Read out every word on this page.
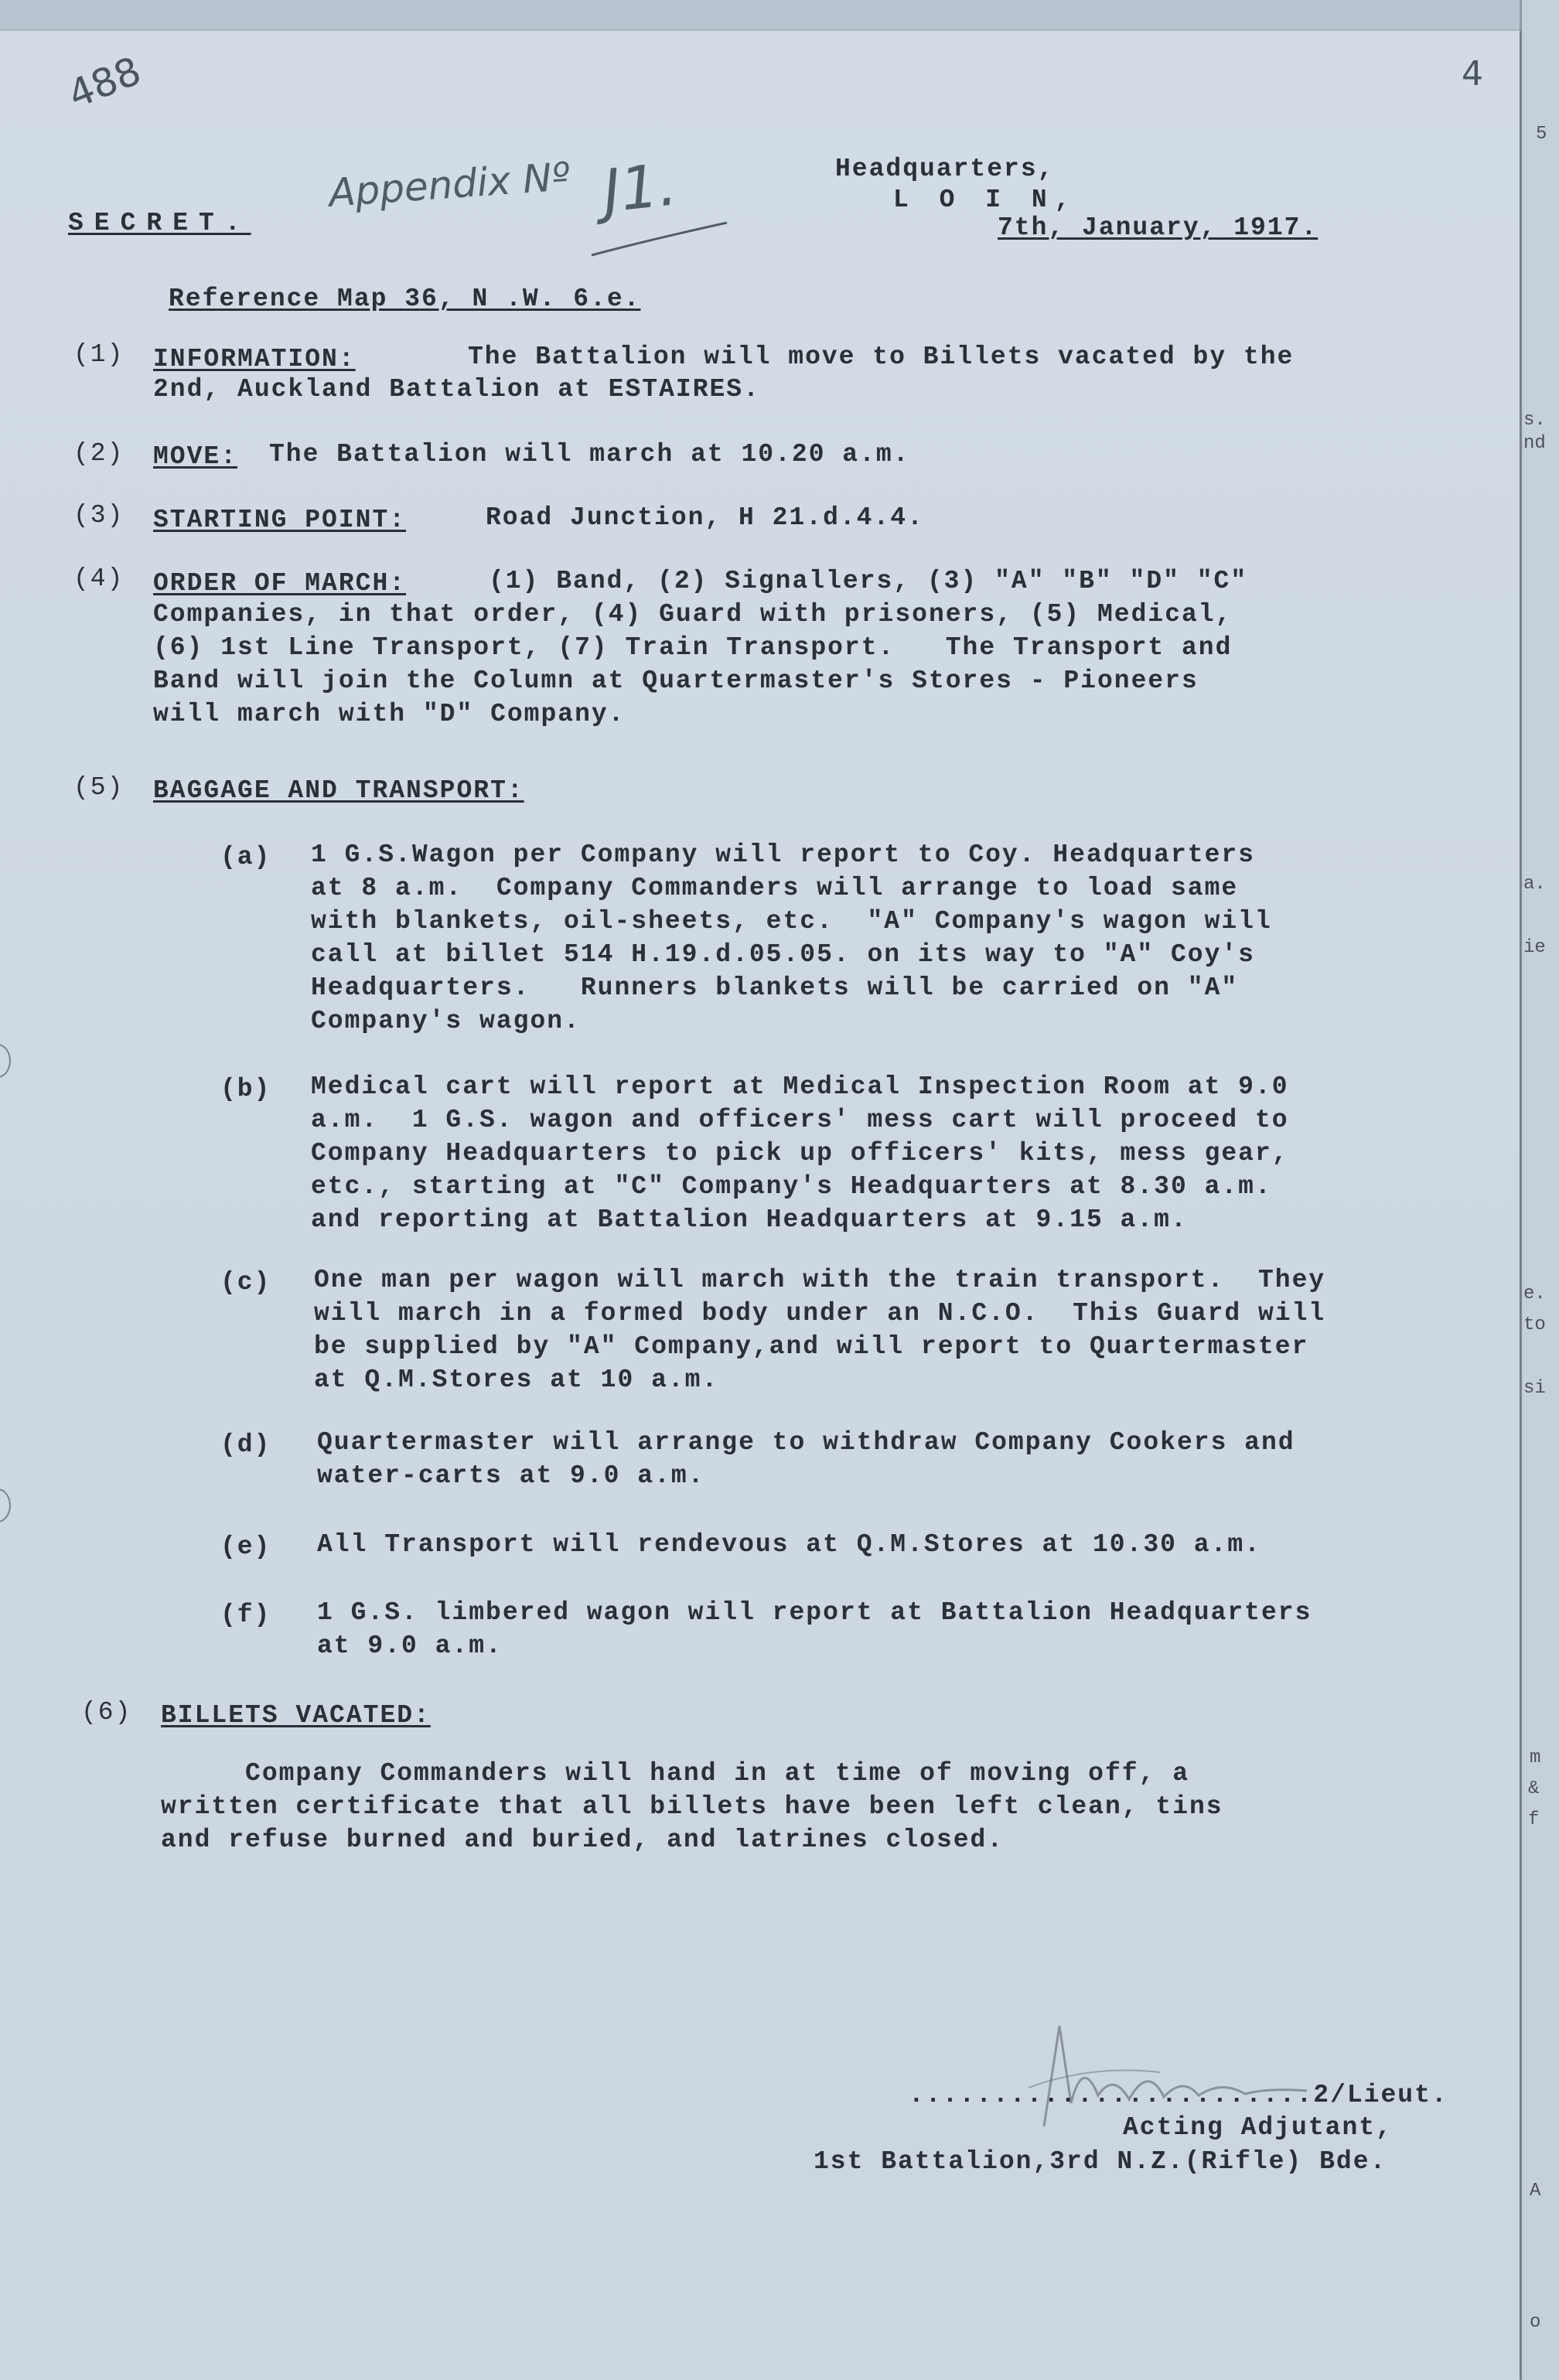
5
nd
s.
a.
ie
e.
to
si
m
&
f
A
o
488	4
Appendix Nº J1.
SECRET.
Headquarters,
L O I N,
7th, January, 1917.
Reference Map 36, N .W. 6.e.
(1) INFORMATION:	The Battalion will move to Billets vacated by the
2nd, Auckland Battalion at ESTAIRES.
(2) MOVE: The Battalion will march at 10.20 a.m.
(3) STARTING POINT:	Road Junction, H 21.d.4.4.
(4) ORDER OF MARCH:	(1) Band, (2) Signallers, (3) "A" "B" "D" "C"
Companies, in that order, (4) Guard with prisoners, (5) Medical,
(6) 1st Line Transport, (7) Train Transport.   The Transport and
Band will join the Column at Quartermaster's Stores - Pioneers
will march with "D" Company.
(5) BAGGAGE AND TRANSPORT:
(a) 1 G.S.Wagon per Company will report to Coy. Headquarters
at 8 a.m.  Company Commanders will arrange to load same
with blankets, oil-sheets, etc.  "A" Company's wagon will
call at billet 514 H.19.d.05.05. on its way to "A" Coy's
Headquarters.   Runners blankets will be carried on "A"
Company's wagon.
(b) Medical cart will report at Medical Inspection Room at 9.0
a.m.  1 G.S. wagon and officers' mess cart will proceed to
Company Headquarters to pick up officers' kits, mess gear,
etc., starting at "C" Company's Headquarters at 8.30 a.m.
and reporting at Battalion Headquarters at 9.15 a.m.
(c) One man per wagon will march with the train transport.  They
will march in a formed body under an N.C.O.  This Guard will
be supplied by "A" Company,and will report to Quartermaster
at Q.M.Stores at 10 a.m.
(d) Quartermaster will arrange to withdraw Company Cookers and
water-carts at 9.0 a.m.
(e) All Transport will rendevous at Q.M.Stores at 10.30 a.m.
(f) 1 G.S. limbered wagon will report at Battalion Headquarters
at 9.0 a.m.
(6) BILLETS VACATED:
Company Commanders will hand in at time of moving off, a
written certificate that all billets have been left clean, tins
and refuse burned and buried, and latrines closed.
........................2/Lieut.
Acting Adjutant,
1st Battalion,3rd N.Z.(Rifle) Bde.
